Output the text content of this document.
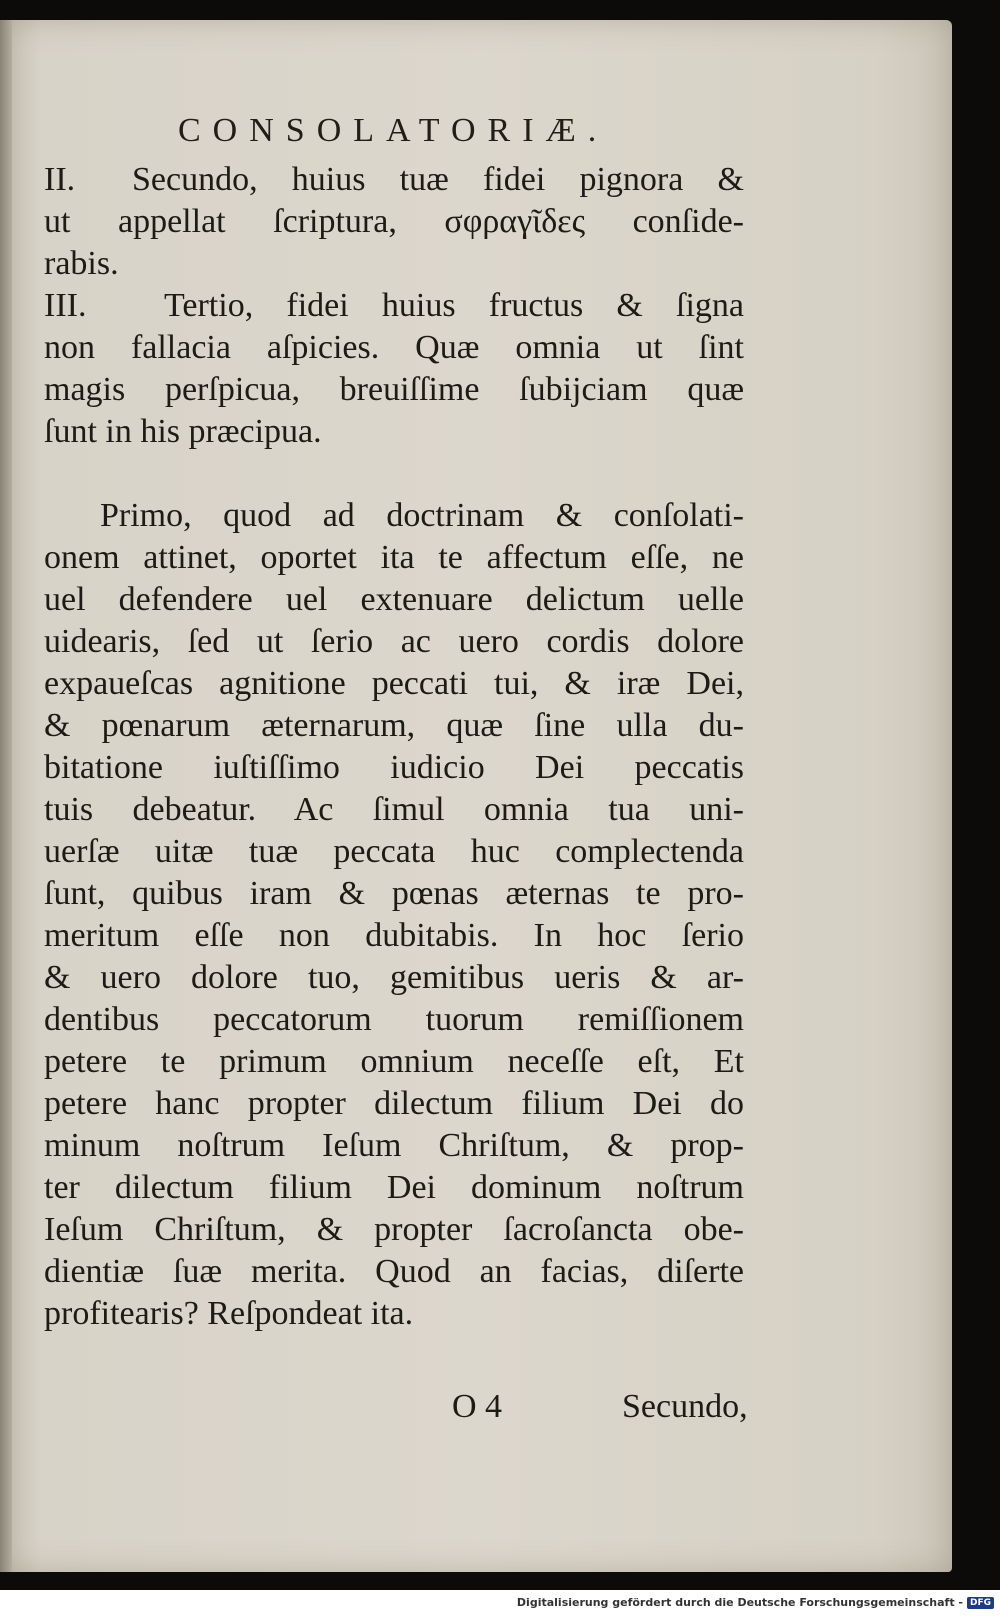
CONSOLATORIÆ.
II. Secundo, huius tuæ fidei pignora &
ut appellat ſcriptura, σφραγῖδες conſide-
rabis.
III. Tertio, fidei huius fructus & ſigna
non fallacia aſpicies. Quæ omnia ut ſint
magis perſpicua, breuiſſime ſubijciam quæ
ſunt in his præcipua.
Primo, quod ad doctrinam & conſolati-
onem attinet, oportet ita te affectum eſſe, ne
uel defendere uel extenuare delictum uelle
uidearis, ſed ut ſerio ac uero cordis dolore
expaueſcas agnitione peccati tui, & iræ Dei,
& pœnarum æternarum, quæ ſine ulla du-
bitatione iuſtiſſimo iudicio Dei peccatis
tuis debeatur. Ac ſimul omnia tua uni-
uerſæ uitæ tuæ peccata huc complectenda
ſunt, quibus iram & pœnas æternas te pro-
meritum eſſe non dubitabis. In hoc ſerio
& uero dolore tuo, gemitibus ueris & ar-
dentibus peccatorum tuorum remiſſionem
petere te primum omnium neceſſe eſt, Et
petere hanc propter dilectum filium Dei do
minum noſtrum Ieſum Chriſtum, & prop-
ter dilectum filium Dei dominum noſtrum
Ieſum Chriſtum, & propter ſacroſancta obe-
dientiæ ſuæ merita. Quod an facias, diſerte
profitearis? Reſpondeat ita.
O 4	Secundo,
Digitalisierung gefördert durch die Deutsche Forschungsgemeinschaft - DFG
